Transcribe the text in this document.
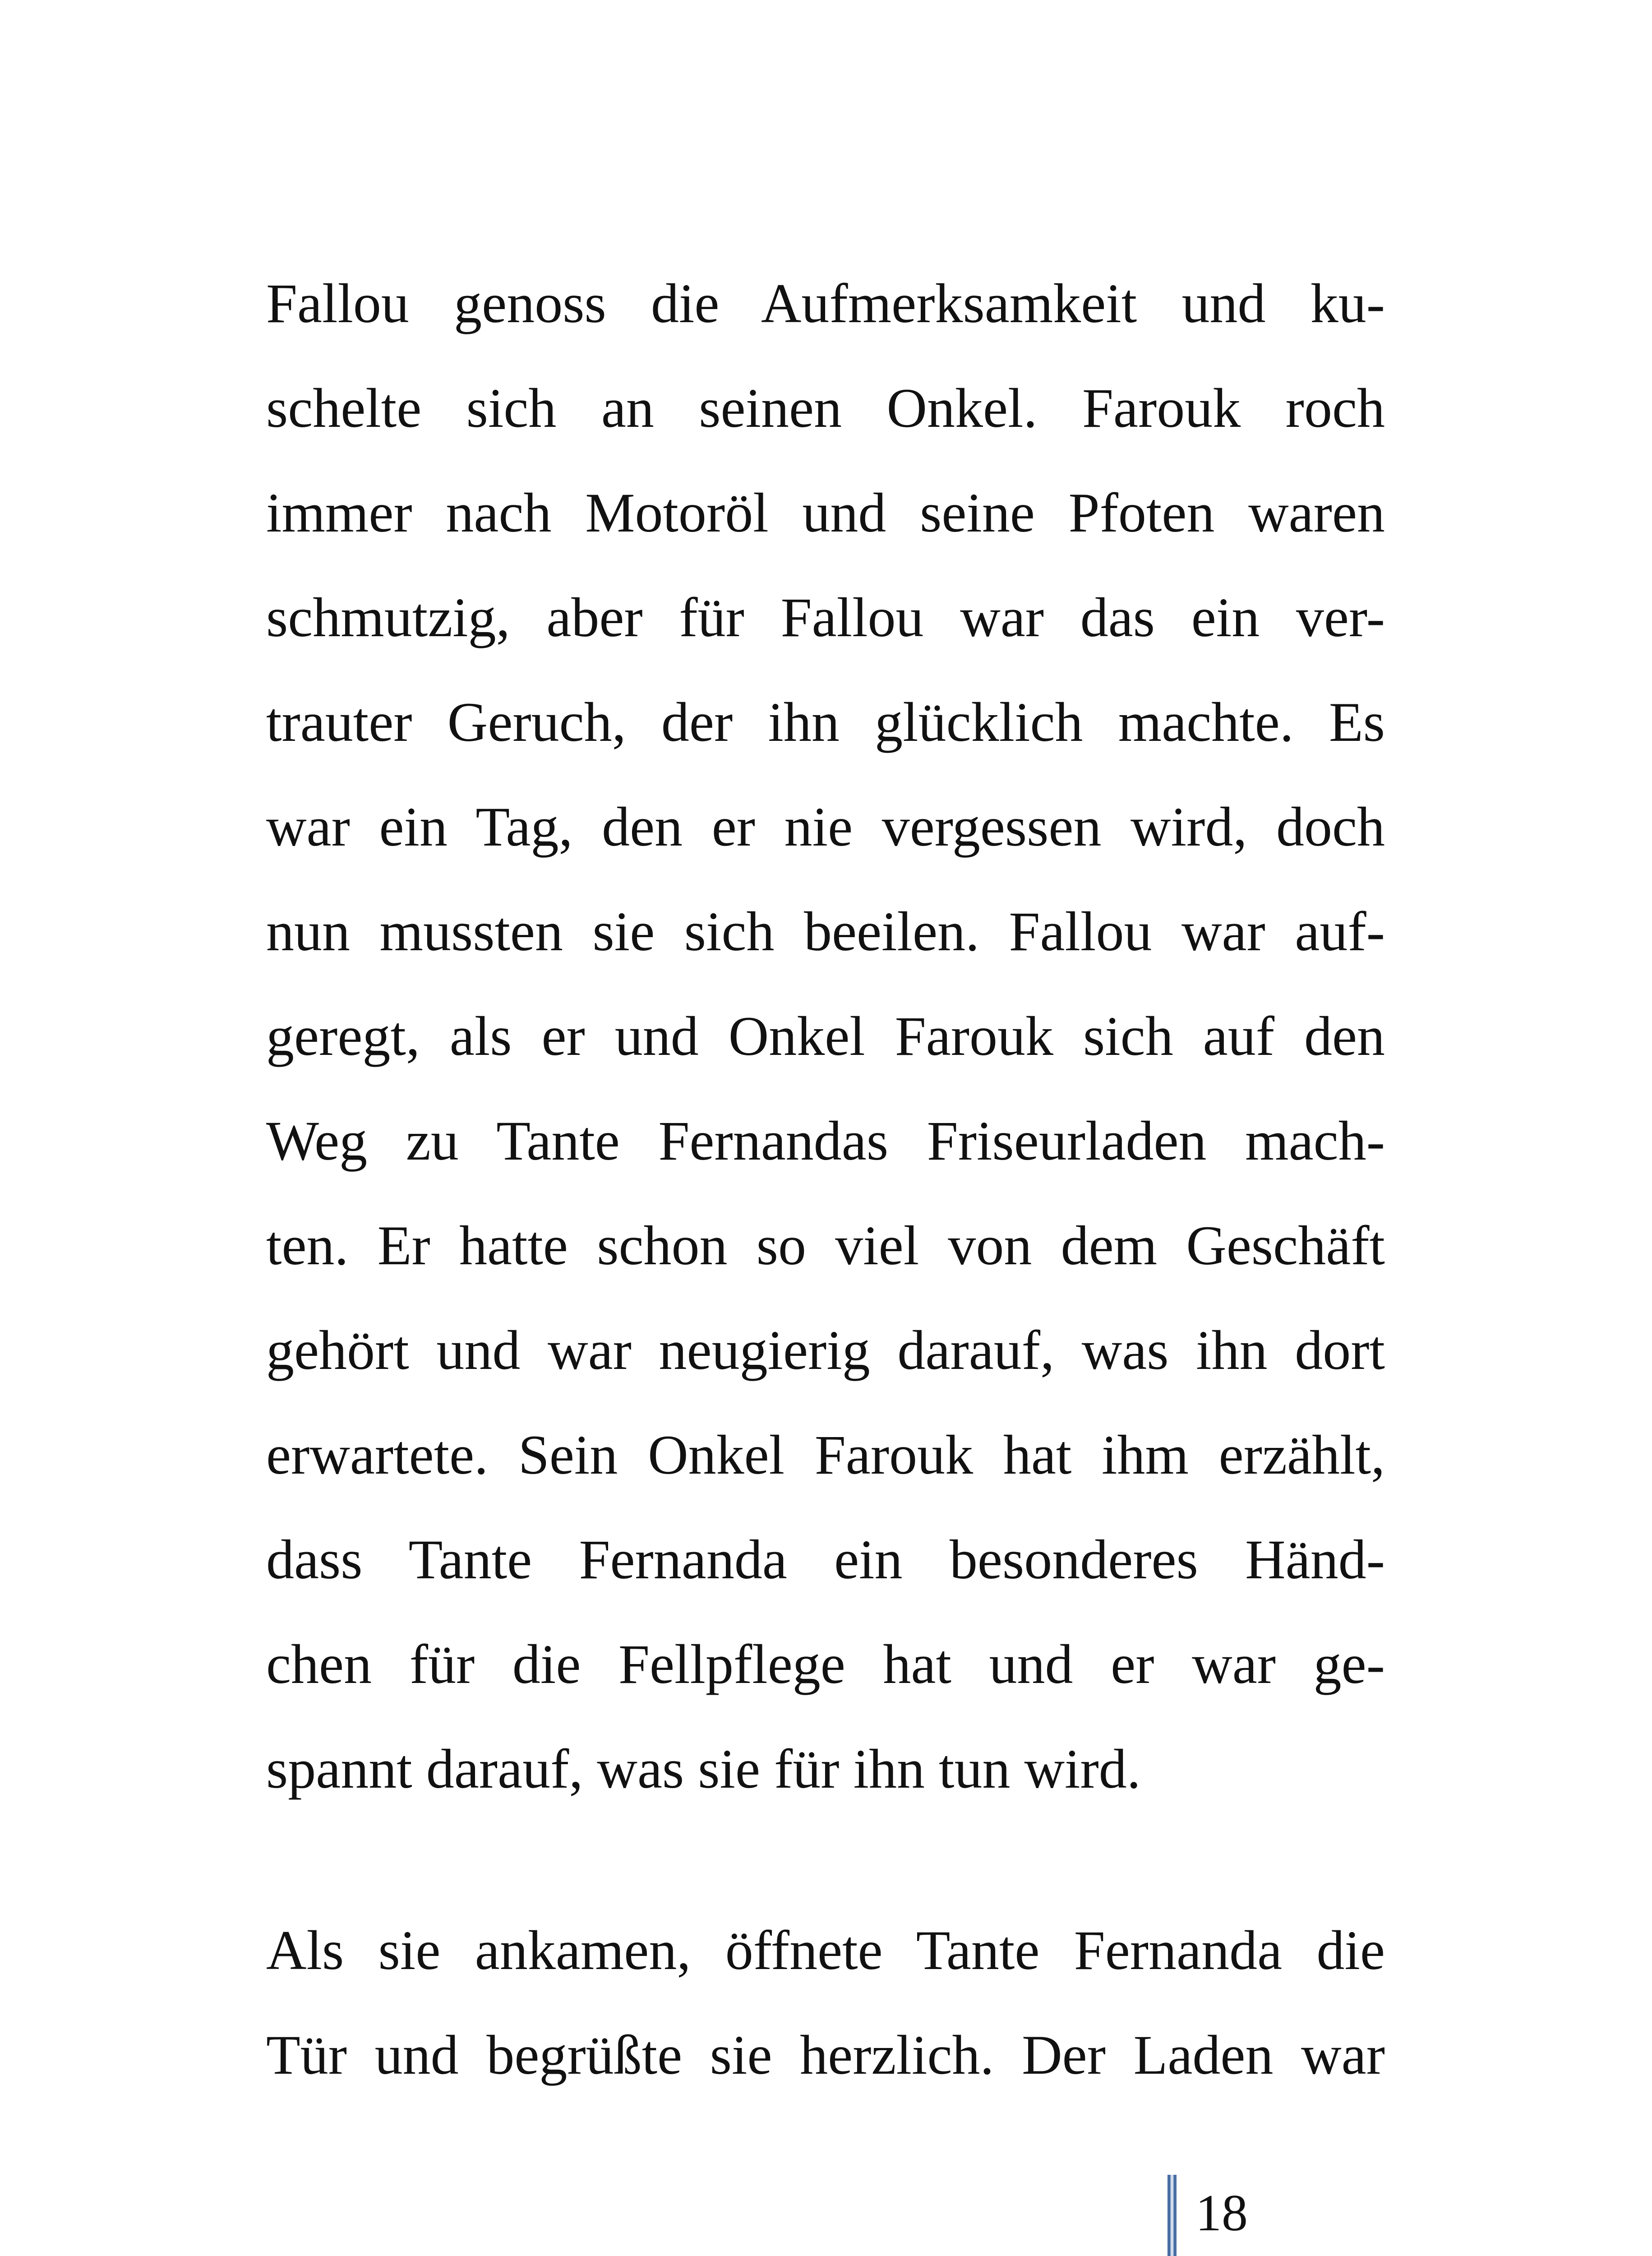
Fallou genoss die Aufmerksamkeit und ku-
schelte sich an seinen Onkel. Farouk roch
immer nach Motoröl und seine Pfoten waren
schmutzig, aber für Fallou war das ein ver-
trauter Geruch, der ihn glücklich machte. Es
war ein Tag, den er nie vergessen wird, doch
nun mussten sie sich beeilen. Fallou war auf-
geregt, als er und Onkel Farouk sich auf den
Weg zu Tante Fernandas Friseurladen mach-
ten. Er hatte schon so viel von dem Geschäft
gehört und war neugierig darauf, was ihn dort
erwartete. Sein Onkel Farouk hat ihm erzählt,
dass Tante Fernanda ein besonderes Händ-
chen für die Fellpflege hat und er war ge-
spannt darauf, was sie für ihn tun wird.
Als sie ankamen, öffnete Tante Fernanda die
Tür und begrüßte sie herzlich. Der Laden war
18
